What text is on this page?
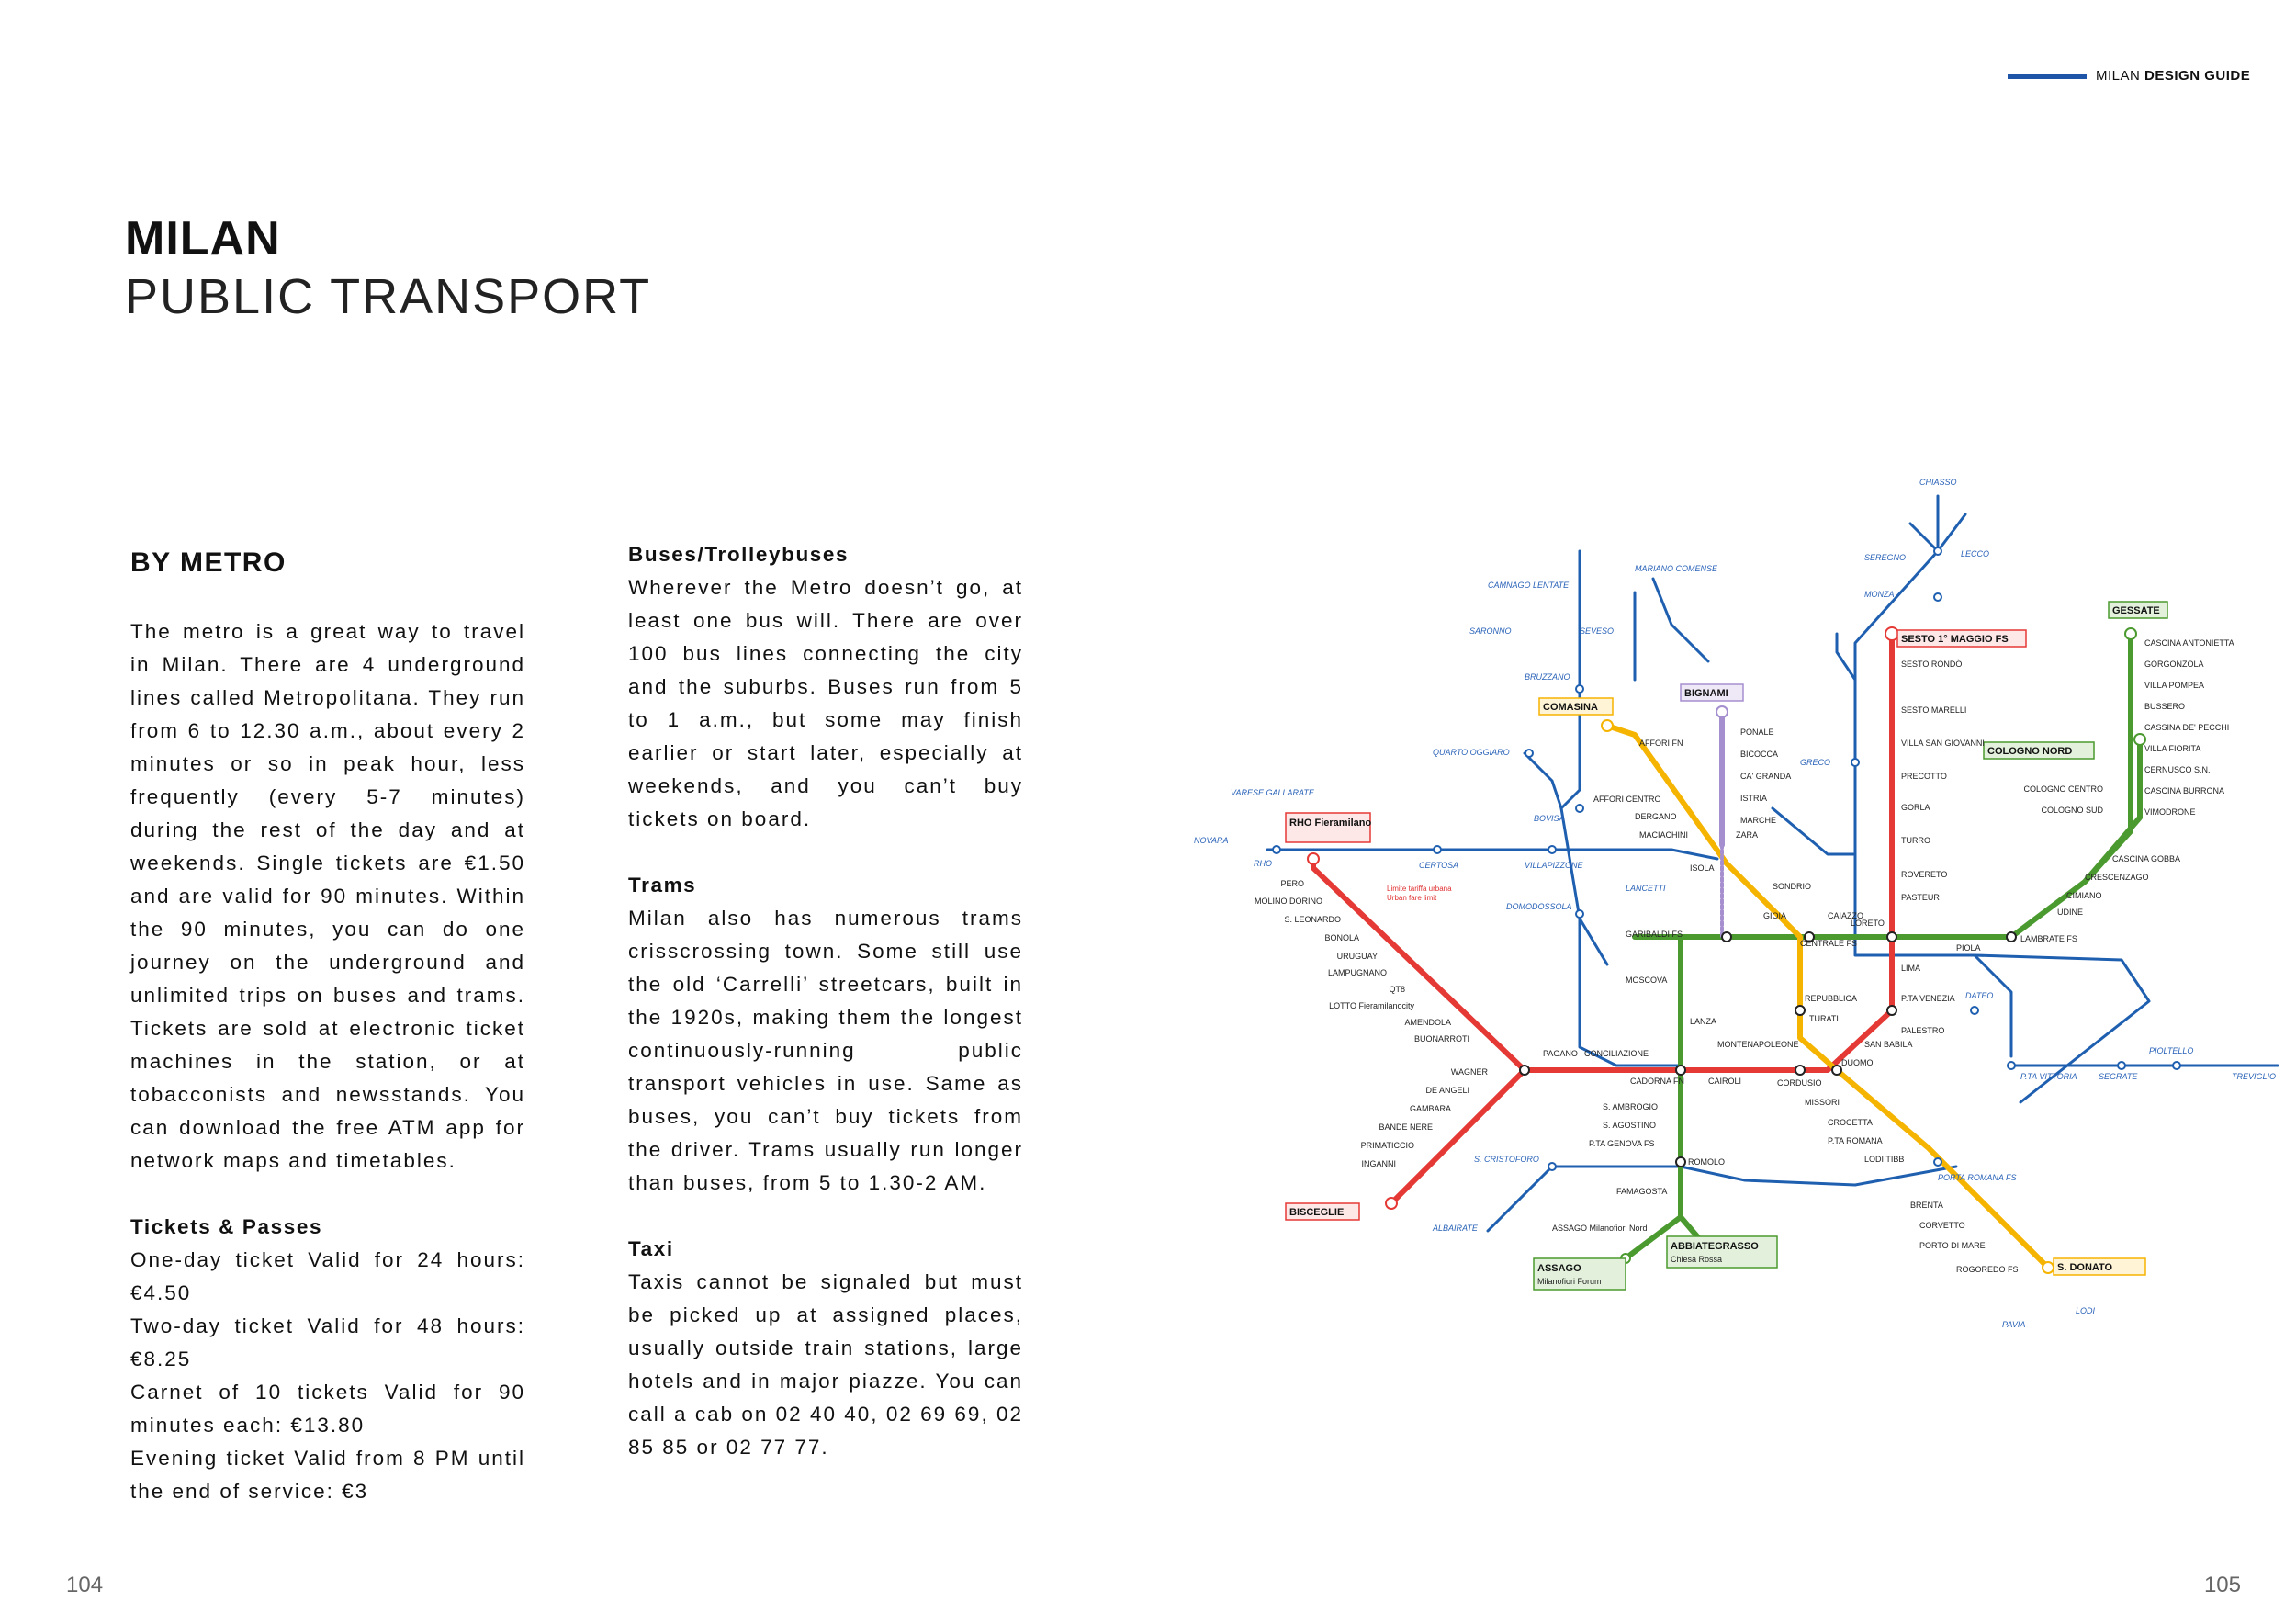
MILAN DESIGN GUIDE
MILAN
PUBLIC TRANSPORT
BY METRO

The metro is a great way to travel in Milan. There are 4 underground lines called Metropolitana. They run from 6 to 12.30 a.m., about every 2 minutes or so in peak hour, less frequently (every 5-7 minutes) during the rest of the day and at weekends. Single tickets are €1.50 and are valid for 90 minutes. Within the 90 minutes, you can do one journey on the underground and unlimited trips on buses and trams. Tickets are sold at electronic ticket machines in the station, or at tobacconists and newsstands. You can download the free ATM app for network maps and timetables.

Tickets & Passes

One-day ticket Valid for 24 hours: €4.50

Two-day ticket Valid for 48 hours: €8.25

Carnet of 10 tickets Valid for 90 minutes each: €13.80

Evening ticket Valid from 8 PM until the end of service: €3

Buses/Trolleybuses

Wherever the Metro doesn’t go, at least one bus will. There are over 100 bus lines connecting the city and the suburbs. Buses run from 5 to 1 a.m., but some may finish earlier or start later, especially at weekends, and you can’t buy tickets on board.

Trams

Milan also has numerous trams crisscrossing town. Some still use the old ‘Carrelli’ streetcars, built in the 1920s, making them the longest continuously-running public transport vehicles in use. Same as buses, you can’t buy tickets from the driver. Trams usually run longer than buses, from 5 to 1.30-2 AM.

Taxi

Taxis cannot be signaled but must be picked up at assigned places, usually outside train stations, large hotels and in major piazze. You can call a cab on 02 40 40, 02 69 69, 02 85 85 or 02 77 77.

RHO Fieramilano
BISCEGLIE
SESTO 1° MAGGIO FS
GESSATE
COLOGNO NORD
COMASINA
BIGNAMI
ASSAGO
Milanofiori Forum
ABBIATEGRASSO
Chiesa Rossa
S. DONATO
PERO
MOLINO DORINO
S. LEONARDO
BONOLA
URUGUAY
LAMPUGNANO
QT8
LOTTO Fieramilanocity
AMENDOLA
BUONARROTI
WAGNER
DE ANGELI
GAMBARA
BANDE NERE
PRIMATICCIO
INGANNI
PAGANO CONCILIAZIONE
CADORNA FN	CAIROLI	CORDUSIO
DUOMO
SAN BABILA
PALESTRO
P.TA VENEZIA
LIMA
LORETO
PASTEUR
ROVERETO
TURRO
GORLA
PRECOTTO
VILLA SAN GIOVANNI
SESTO MARELLI
SESTO RONDÒ
S. AMBROGIO
S. AGOSTINO
P.TA GENOVA FS
ROMOLO
FAMAGOSTA
ASSAGO Milanofiori Nord
LANZA
MOSCOVA
GARIBALDI FS
GIOIA
CENTRALE FS
CAIAZZO
PIOLA
LAMBRATE FS
UDINE
CIMIANO
CRESCENZAGO
CASCINA GOBBA
CASCINA ANTONIETTA
GORGONZOLA
VILLA POMPEA
BUSSERO
CASSINA DE' PECCHI
VILLA FIORITA
CERNUSCO S.N.
CASCINA BURRONA
VIMODRONE
COLOGNO CENTRO
COLOGNO SUD
AFFORI FN
AFFORI CENTRO
DERGANO
MACIACHINI	ZARA
SONDRIO
REPUBBLICA
TURATI
MONTENAPOLEONE
MISSORI
CROCETTA
P.TA ROMANA
LODI TIBB
BRENTA
CORVETTO
PORTO DI MARE
ROGOREDO FS
PONALE
BICOCCA
CA' GRANDA
ISTRIA
MARCHE
ISOLA
CERTOSA	VILLAPIZZONE
DOMODOSSOLA
BOVISA
QUARTO OGGIARO
BRUZZANO
GRECO
LANCETTI
DATEO
P.TA VITTORIA	SEGRATE
PIOLTELLO
PORTA ROMANA FS
S. CRISTOFORO
RHO
NOVARA
VARESE GALLARATE
SARONNO
CAMNAGO LENTATE
SEVESO
MARIANO COMENSE
CHIASSO
SEREGNO
MONZA
LECCO
TREVIGLIO
LODI
PAVIA
ALBAIRATE
Limite tariffa urbana
Urban fare limit
104	105
